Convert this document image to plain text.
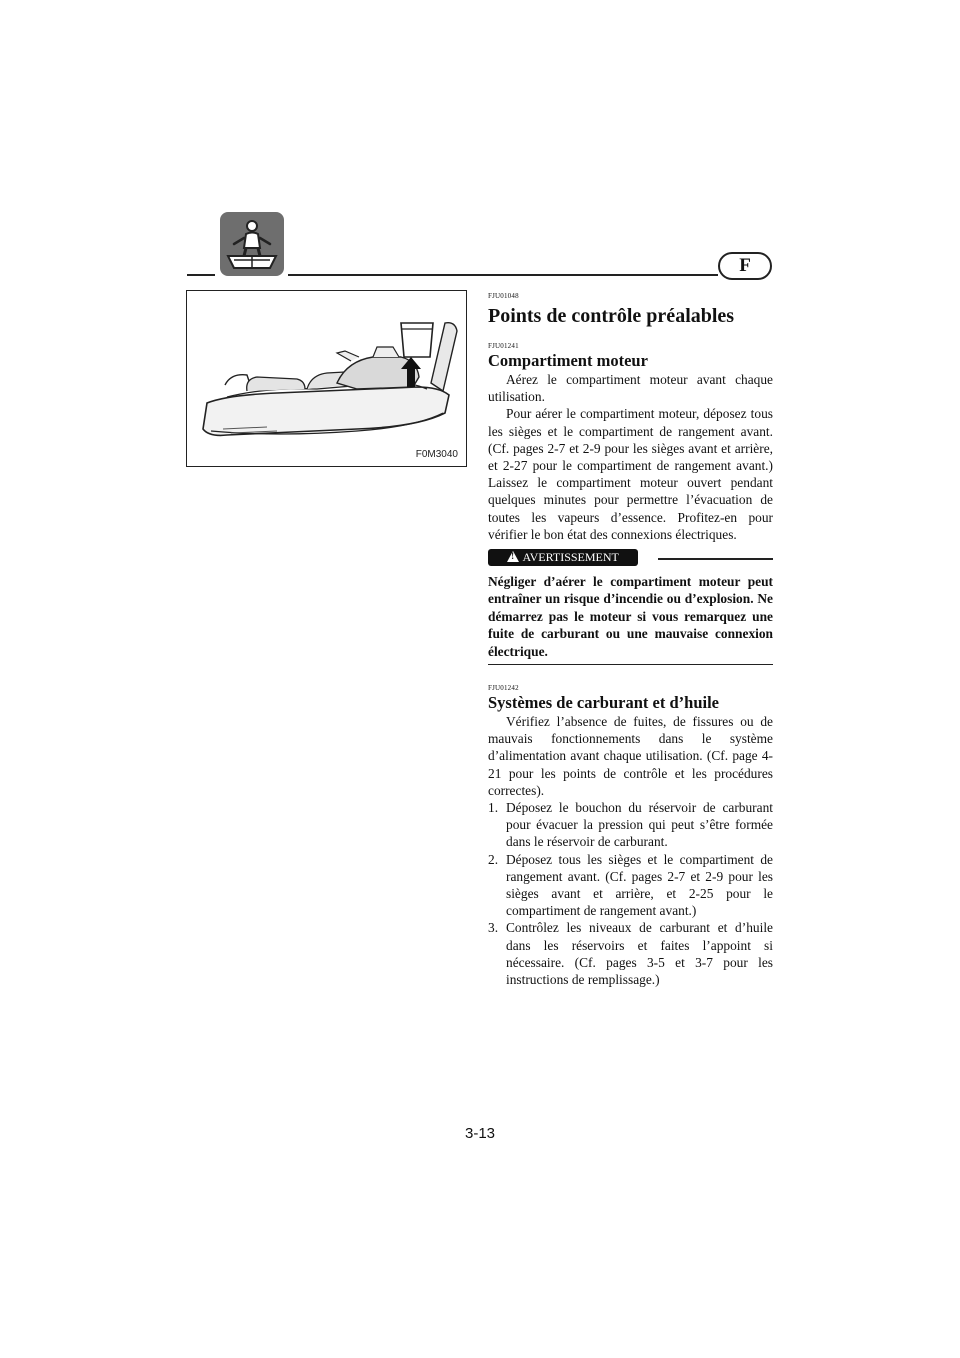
F
F0M3040

FJU01048

Points de contrôle préalables

FJU01241

Compartiment moteur

Aérez le compartiment moteur avant chaque utilisation.

Pour aérer le compartiment moteur, déposez tous les sièges et le compartiment de rangement avant. (Cf. pages 2-7 et 2-9 pour les sièges avant et arrière, et 2-27 pour le compartiment de rangement avant.) Laissez le compartiment moteur ouvert pendant quelques minutes pour permettre l’évacuation de toutes les vapeurs d’essence. Profitez-en pour vérifier le bon état des connexions électriques.

! AVERTISSEMENT

Négliger d’aérer le compartiment moteur peut entraîner un risque d’incendie ou d’explosion. Ne démarrez pas le moteur si vous remarquez une fuite de carburant ou une mauvaise connexion électrique.

FJU01242

Systèmes de carburant et d’huile

Vérifiez l’absence de fuites, de fissures ou de mauvais fonctionnements dans le système d’alimentation avant chaque utilisation. (Cf. page 4-21 pour les points de contrôle et les procédures correctes).

1. Déposez le bouchon du réservoir de carburant pour évacuer la pression qui peut s’être formée dans le réservoir de carburant.
2. Déposez tous les sièges et le compartiment de rangement avant. (Cf. pages 2-7 et 2-9 pour les sièges avant et arrière, et 2-25 pour le compartiment de rangement avant.)
3. Contrôlez les niveaux de carburant et d’huile dans les réservoirs et faites l’appoint si nécessaire. (Cf. pages 3-5 et 3-7 pour les instructions de remplissage.)
3-13
